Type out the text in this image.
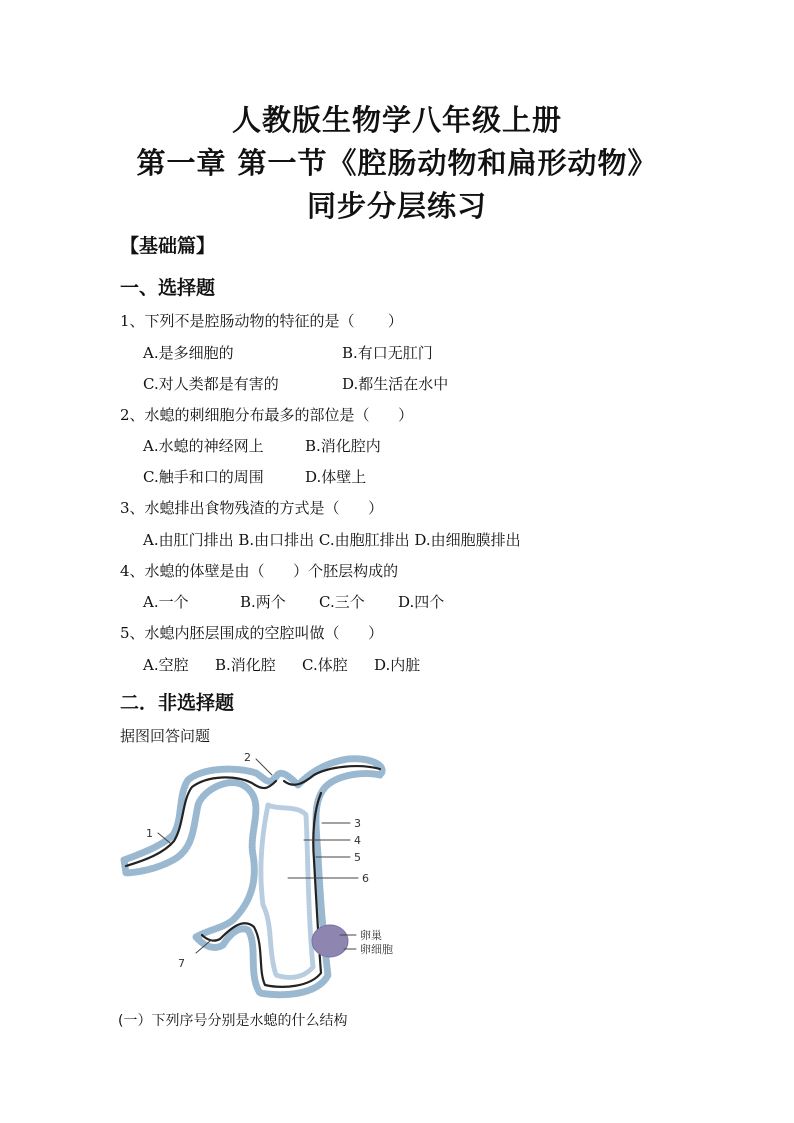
人教版生物学八年级上册
第一章 第一节《腔肠动物和扁形动物》
同步分层练习
【基础篇】
一、选择题
1、下列不是腔肠动物的特征的是（       ）
A.是多细胞的	B.有口无肛门
C.对人类都是有害的	D.都生活在水中
2、水螅的刺细胞分布最多的部位是（      ）
A.水螅的神经网上	B.消化腔内
C.触手和口的周围	D.体壁上
3、水螅排出食物残渣的方式是（      ）
A.由肛门排出 B.由口排出 C.由胞肛排出 D.由细胞膜排出
4、水螅的体壁是由（      ）个胚层构成的
A.一个	B.两个 C.三个 D.四个
5、水螅内胚层围成的空腔叫做（      ）
A.空腔 B.消化腔 C.体腔 D.内脏
二．非选择题
据图回答问题
1
2
3
4
5
6
7
卵巢
卵细胞
(一）下列序号分别是水螅的什么结构
